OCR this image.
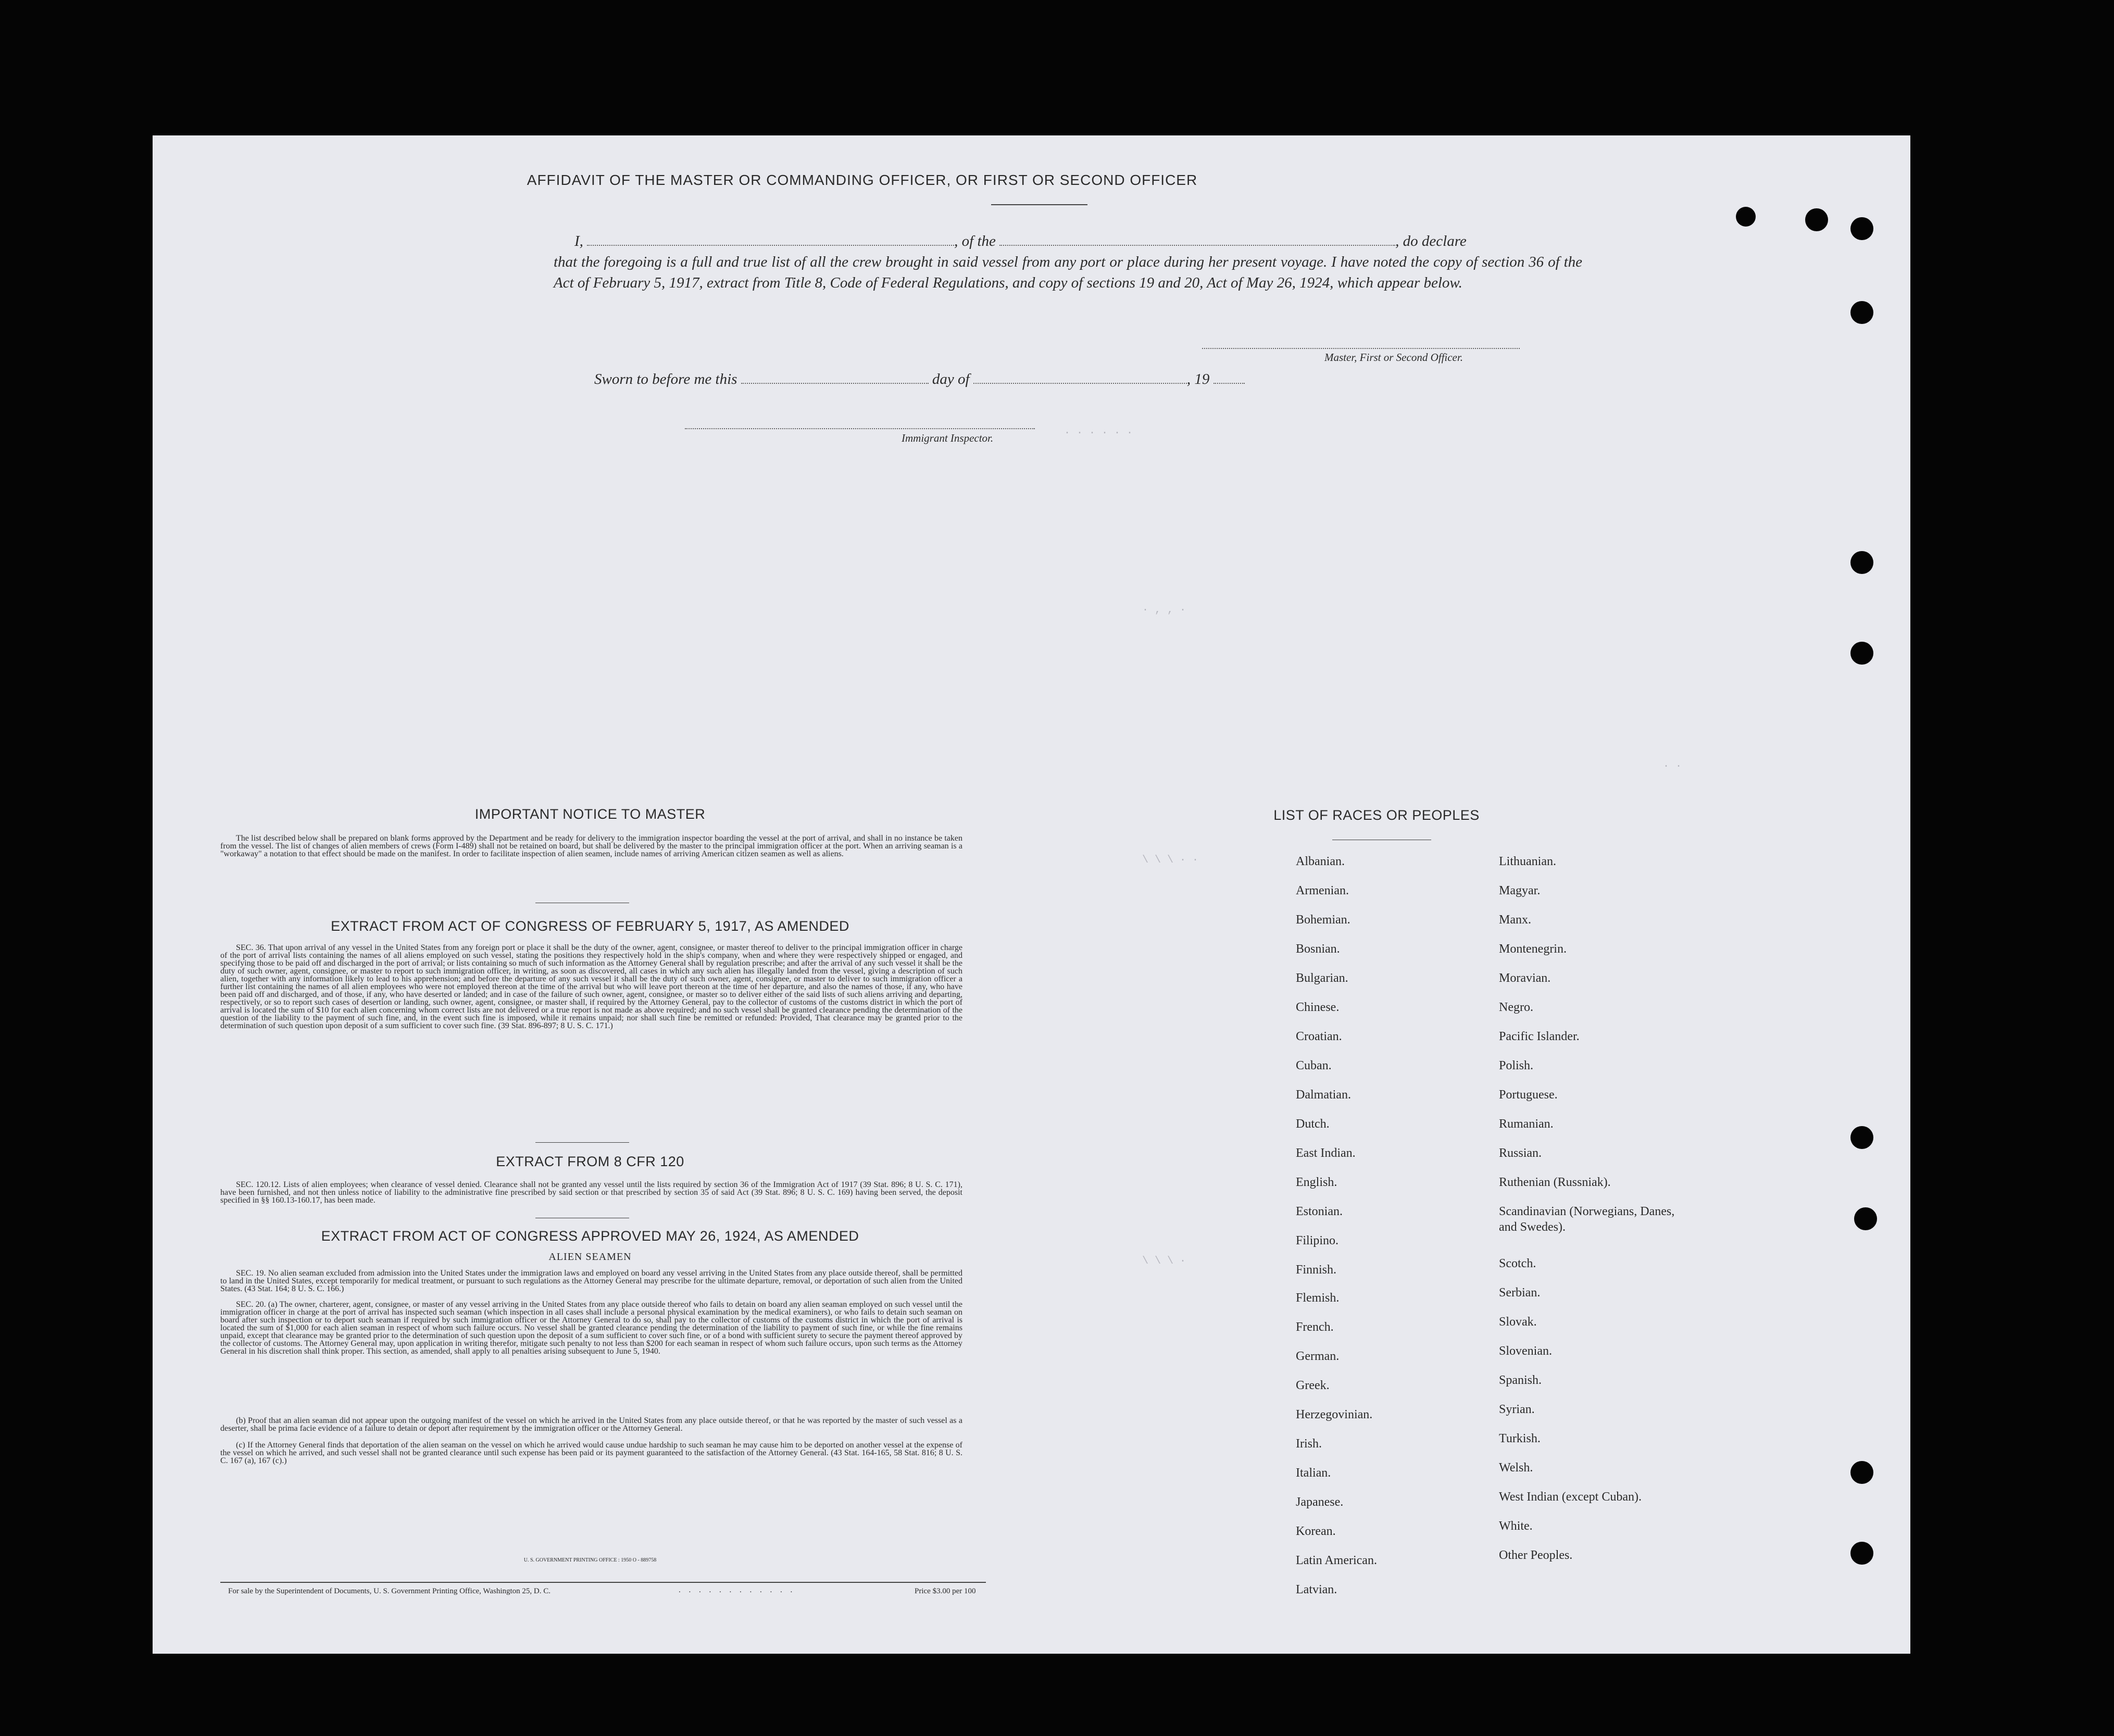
· · · · · ·
· , , ·
\ \ \ · ·
\ \ \ ·
· ·
AFFIDAVIT OF THE MASTER OR COMMANDING OFFICER, OR FIRST OR SECOND OFFICER
I,	, of the	, do declare
that the foregoing is a full and true list of all the crew brought in said vessel from any port or place during her present voyage. I have noted the copy of section 36 of the Act of February 5, 1917, extract from Title 8, Code of Federal Regulations, and copy of sections 19 and 20, Act of May 26, 1924, which appear below.
Master, First or Second Officer.
Sworn to before me this	day of	, 19
Immigrant Inspector.
IMPORTANT NOTICE TO MASTER
The list described below shall be prepared on blank forms approved by the Department and be ready for delivery to the immigration inspector boarding the vessel at the port of arrival, and shall in no instance be taken from the vessel. The list of changes of alien members of crews (Form I-489) shall not be retained on board, but shall be delivered by the master to the principal immigration officer at the port. When an arriving seaman is a "workaway" a notation to that effect should be made on the manifest. In order to facilitate inspection of alien seamen, include names of arriving American citizen seamen as well as aliens.
EXTRACT FROM ACT OF CONGRESS OF FEBRUARY 5, 1917, AS AMENDED
SEC. 36. That upon arrival of any vessel in the United States from any foreign port or place it shall be the duty of the owner, agent, consignee, or master thereof to deliver to the principal immigration officer in charge of the port of arrival lists containing the names of all aliens employed on such vessel, stating the positions they respectively hold in the ship's company, when and where they were respectively shipped or engaged, and specifying those to be paid off and discharged in the port of arrival; or lists containing so much of such information as the Attorney General shall by regulation prescribe; and after the arrival of any such vessel it shall be the duty of such owner, agent, consignee, or master to report to such immigration officer, in writing, as soon as discovered, all cases in which any such alien has illegally landed from the vessel, giving a description of such alien, together with any information likely to lead to his apprehension; and before the departure of any such vessel it shall be the duty of such owner, agent, consignee, or master to deliver to such immigration officer a further list containing the names of all alien employees who were not employed thereon at the time of the arrival but who will leave port thereon at the time of her departure, and also the names of those, if any, who have been paid off and discharged, and of those, if any, who have deserted or landed; and in case of the failure of such owner, agent, consignee, or master so to deliver either of the said lists of such aliens arriving and departing, respectively, or so to report such cases of desertion or landing, such owner, agent, consignee, or master shall, if required by the Attorney General, pay to the collector of customs of the customs district in which the port of arrival is located the sum of $10 for each alien concerning whom correct lists are not delivered or a true report is not made as above required; and no such vessel shall be granted clearance pending the determination of the question of the liability to the payment of such fine, and, in the event such fine is imposed, while it remains unpaid; nor shall such fine be remitted or refunded: Provided, That clearance may be granted prior to the determination of such question upon deposit of a sum sufficient to cover such fine. (39 Stat. 896-897; 8 U. S. C. 171.)
EXTRACT FROM 8 CFR 120
SEC. 120.12. Lists of alien employees; when clearance of vessel denied. Clearance shall not be granted any vessel until the lists required by section 36 of the Immigration Act of 1917 (39 Stat. 896; 8 U. S. C. 171), have been furnished, and not then unless notice of liability to the administrative fine prescribed by said section or that prescribed by section 35 of said Act (39 Stat. 896; 8 U. S. C. 169) having been served, the deposit specified in §§ 160.13-160.17, has been made.
EXTRACT FROM ACT OF CONGRESS APPROVED MAY 26, 1924, AS AMENDED
ALIEN SEAMEN
SEC. 19. No alien seaman excluded from admission into the United States under the immigration laws and employed on board any vessel arriving in the United States from any place outside thereof, shall be permitted to land in the United States, except temporarily for medical treatment, or pursuant to such regulations as the Attorney General may prescribe for the ultimate departure, removal, or deportation of such alien from the United States. (43 Stat. 164; 8 U. S. C. 166.)
SEC. 20. (a) The owner, charterer, agent, consignee, or master of any vessel arriving in the United States from any place outside thereof who fails to detain on board any alien seaman employed on such vessel until the immigration officer in charge at the port of arrival has inspected such seaman (which inspection in all cases shall include a personal physical examination by the medical examiners), or who fails to detain such seaman on board after such inspection or to deport such seaman if required by such immigration officer or the Attorney General to do so, shall pay to the collector of customs of the customs district in which the port of arrival is located the sum of $1,000 for each alien seaman in respect of whom such failure occurs. No vessel shall be granted clearance pending the determination of the liability to payment of such fine, or while the fine remains unpaid, except that clearance may be granted prior to the determination of such question upon the deposit of a sum sufficient to cover such fine, or of a bond with sufficient surety to secure the payment thereof approved by the collector of customs. The Attorney General may, upon application in writing therefor, mitigate such penalty to not less than $200 for each seaman in respect of whom such failure occurs, upon such terms as the Attorney General in his discretion shall think proper. This section, as amended, shall apply to all penalties arising subsequent to June 5, 1940.
(b) Proof that an alien seaman did not appear upon the outgoing manifest of the vessel on which he arrived in the United States from any place outside thereof, or that he was reported by the master of such vessel as a deserter, shall be prima facie evidence of a failure to detain or deport after requirement by the immigration officer or the Attorney General.
(c) If the Attorney General finds that deportation of the alien seaman on the vessel on which he arrived would cause undue hardship to such seaman he may cause him to be deported on another vessel at the expense of the vessel on which he arrived, and such vessel shall not be granted clearance until such expense has been paid or its payment guaranteed to the satisfaction of the Attorney General. (43 Stat. 164-165, 58 Stat. 816; 8 U. S. C. 167 (a), 167 (c).)
U. S. GOVERNMENT PRINTING OFFICE : 1950 O - 889758
For sale by the Superintendent of Documents, U. S. Government Printing Office, Washington 25, D. C.	. . . . . . . . . . . .	Price $3.00 per 100
LIST OF RACES OR PEOPLES
Albanian.
Armenian.
Bohemian.
Bosnian.
Bulgarian.
Chinese.
Croatian.
Cuban.
Dalmatian.
Dutch.
East Indian.
English.
Estonian.
Filipino.
Finnish.
Flemish.
French.
German.
Greek.
Herzegovinian.
Irish.
Italian.
Japanese.
Korean.
Latin American.
Latvian.
Lithuanian.
Magyar.
Manx.
Montenegrin.
Moravian.
Negro.
Pacific Islander.
Polish.
Portuguese.
Rumanian.
Russian.
Ruthenian (Russniak).
Scandinavian (Norwegians, Danes, and Swedes).
Scotch.
Serbian.
Slovak.
Slovenian.
Spanish.
Syrian.
Turkish.
Welsh.
West Indian (except Cuban).
White.
Other Peoples.
